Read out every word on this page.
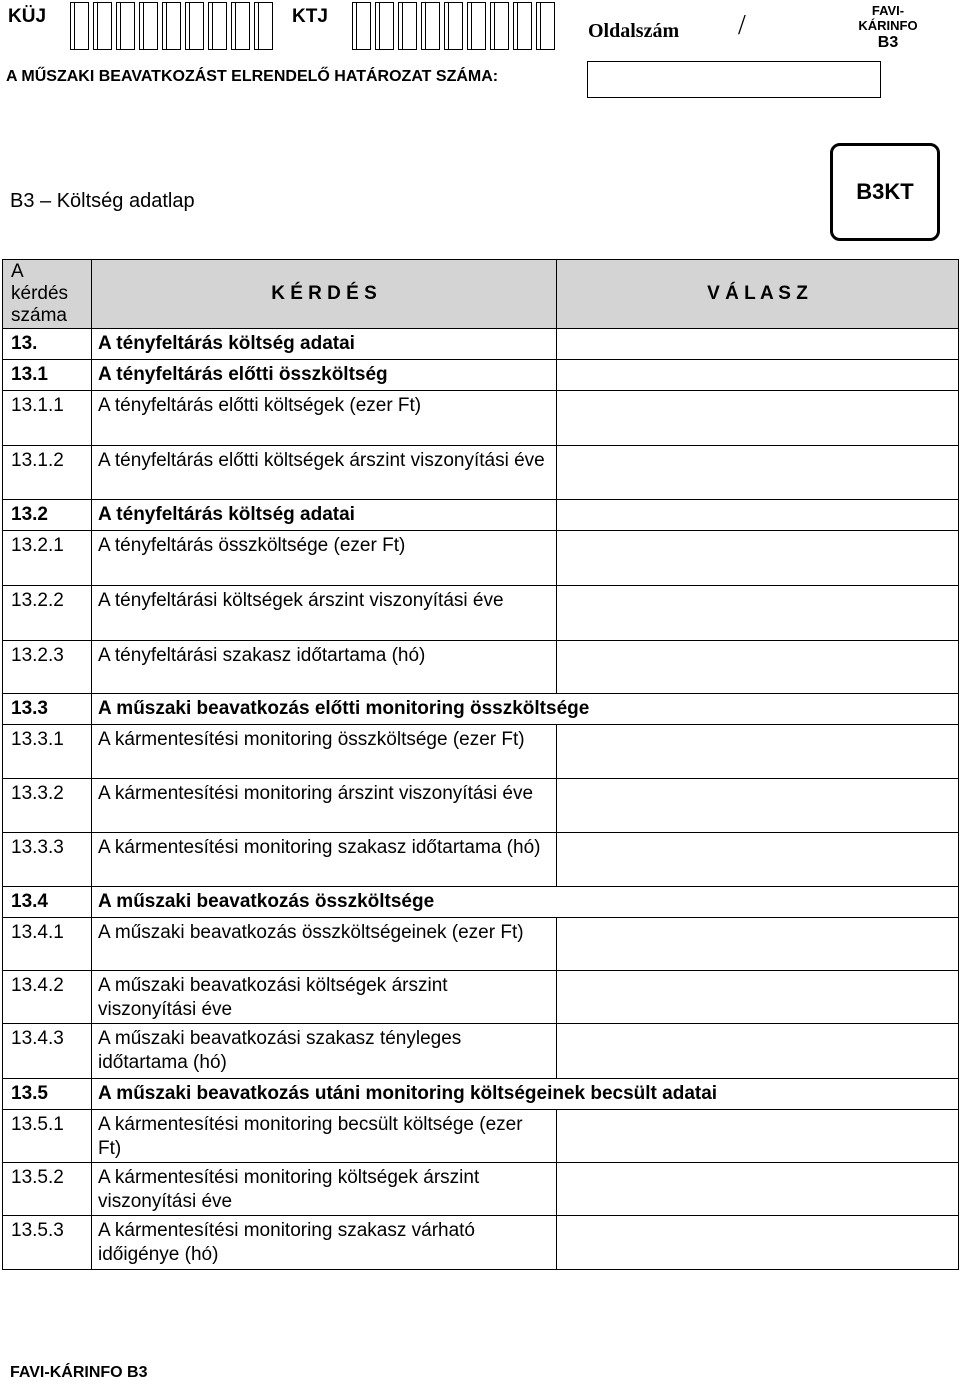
KÜJ	KTJ
Oldalszám /	FAVI-
KÁRINFO
B3
A MŰSZAKI BEAVATKOZÁST ELRENDELŐ HATÁROZAT SZÁMA:
B3 – Költség adatlap	B3KT
A
kérdés
száma	K É R D É S	V Á L A S Z
13.	A tényfeltárás költség adatai	
13.1	A tényfeltárás előtti összköltség	
13.1.1	A tényfeltárás előtti költségek (ezer Ft)	
13.1.2	A tényfeltárás előtti költségek árszint viszonyítási éve	
13.2	A tényfeltárás költség adatai	
13.2.1	A tényfeltárás összköltsége (ezer Ft)	
13.2.2	A tényfeltárási költségek árszint viszonyítási éve	
13.2.3	A tényfeltárási szakasz időtartama (hó)	
13.3	A műszaki beavatkozás előtti monitoring összköltsége	
13.3.1	A kármentesítési monitoring összköltsége (ezer Ft)	
13.3.2	A kármentesítési monitoring árszint viszonyítási éve	
13.3.3	A kármentesítési monitoring szakasz időtartama (hó)	
13.4	A műszaki beavatkozás összköltsége	
13.4.1	A műszaki beavatkozás összköltségeinek (ezer Ft)	
13.4.2	A műszaki beavatkozási költségek árszint viszonyítási éve	
13.4.3	A műszaki beavatkozási szakasz tényleges időtartama (hó)	
13.5	A műszaki beavatkozás utáni monitoring költségeinek becsült adatai	
13.5.1	A kármentesítési monitoring becsült költsége (ezer Ft)	
13.5.2	A kármentesítési monitoring költségek árszint viszonyítási éve	
13.5.3	A kármentesítési monitoring szakasz várható időigénye (hó)	
FAVI-KÁRINFO B3
